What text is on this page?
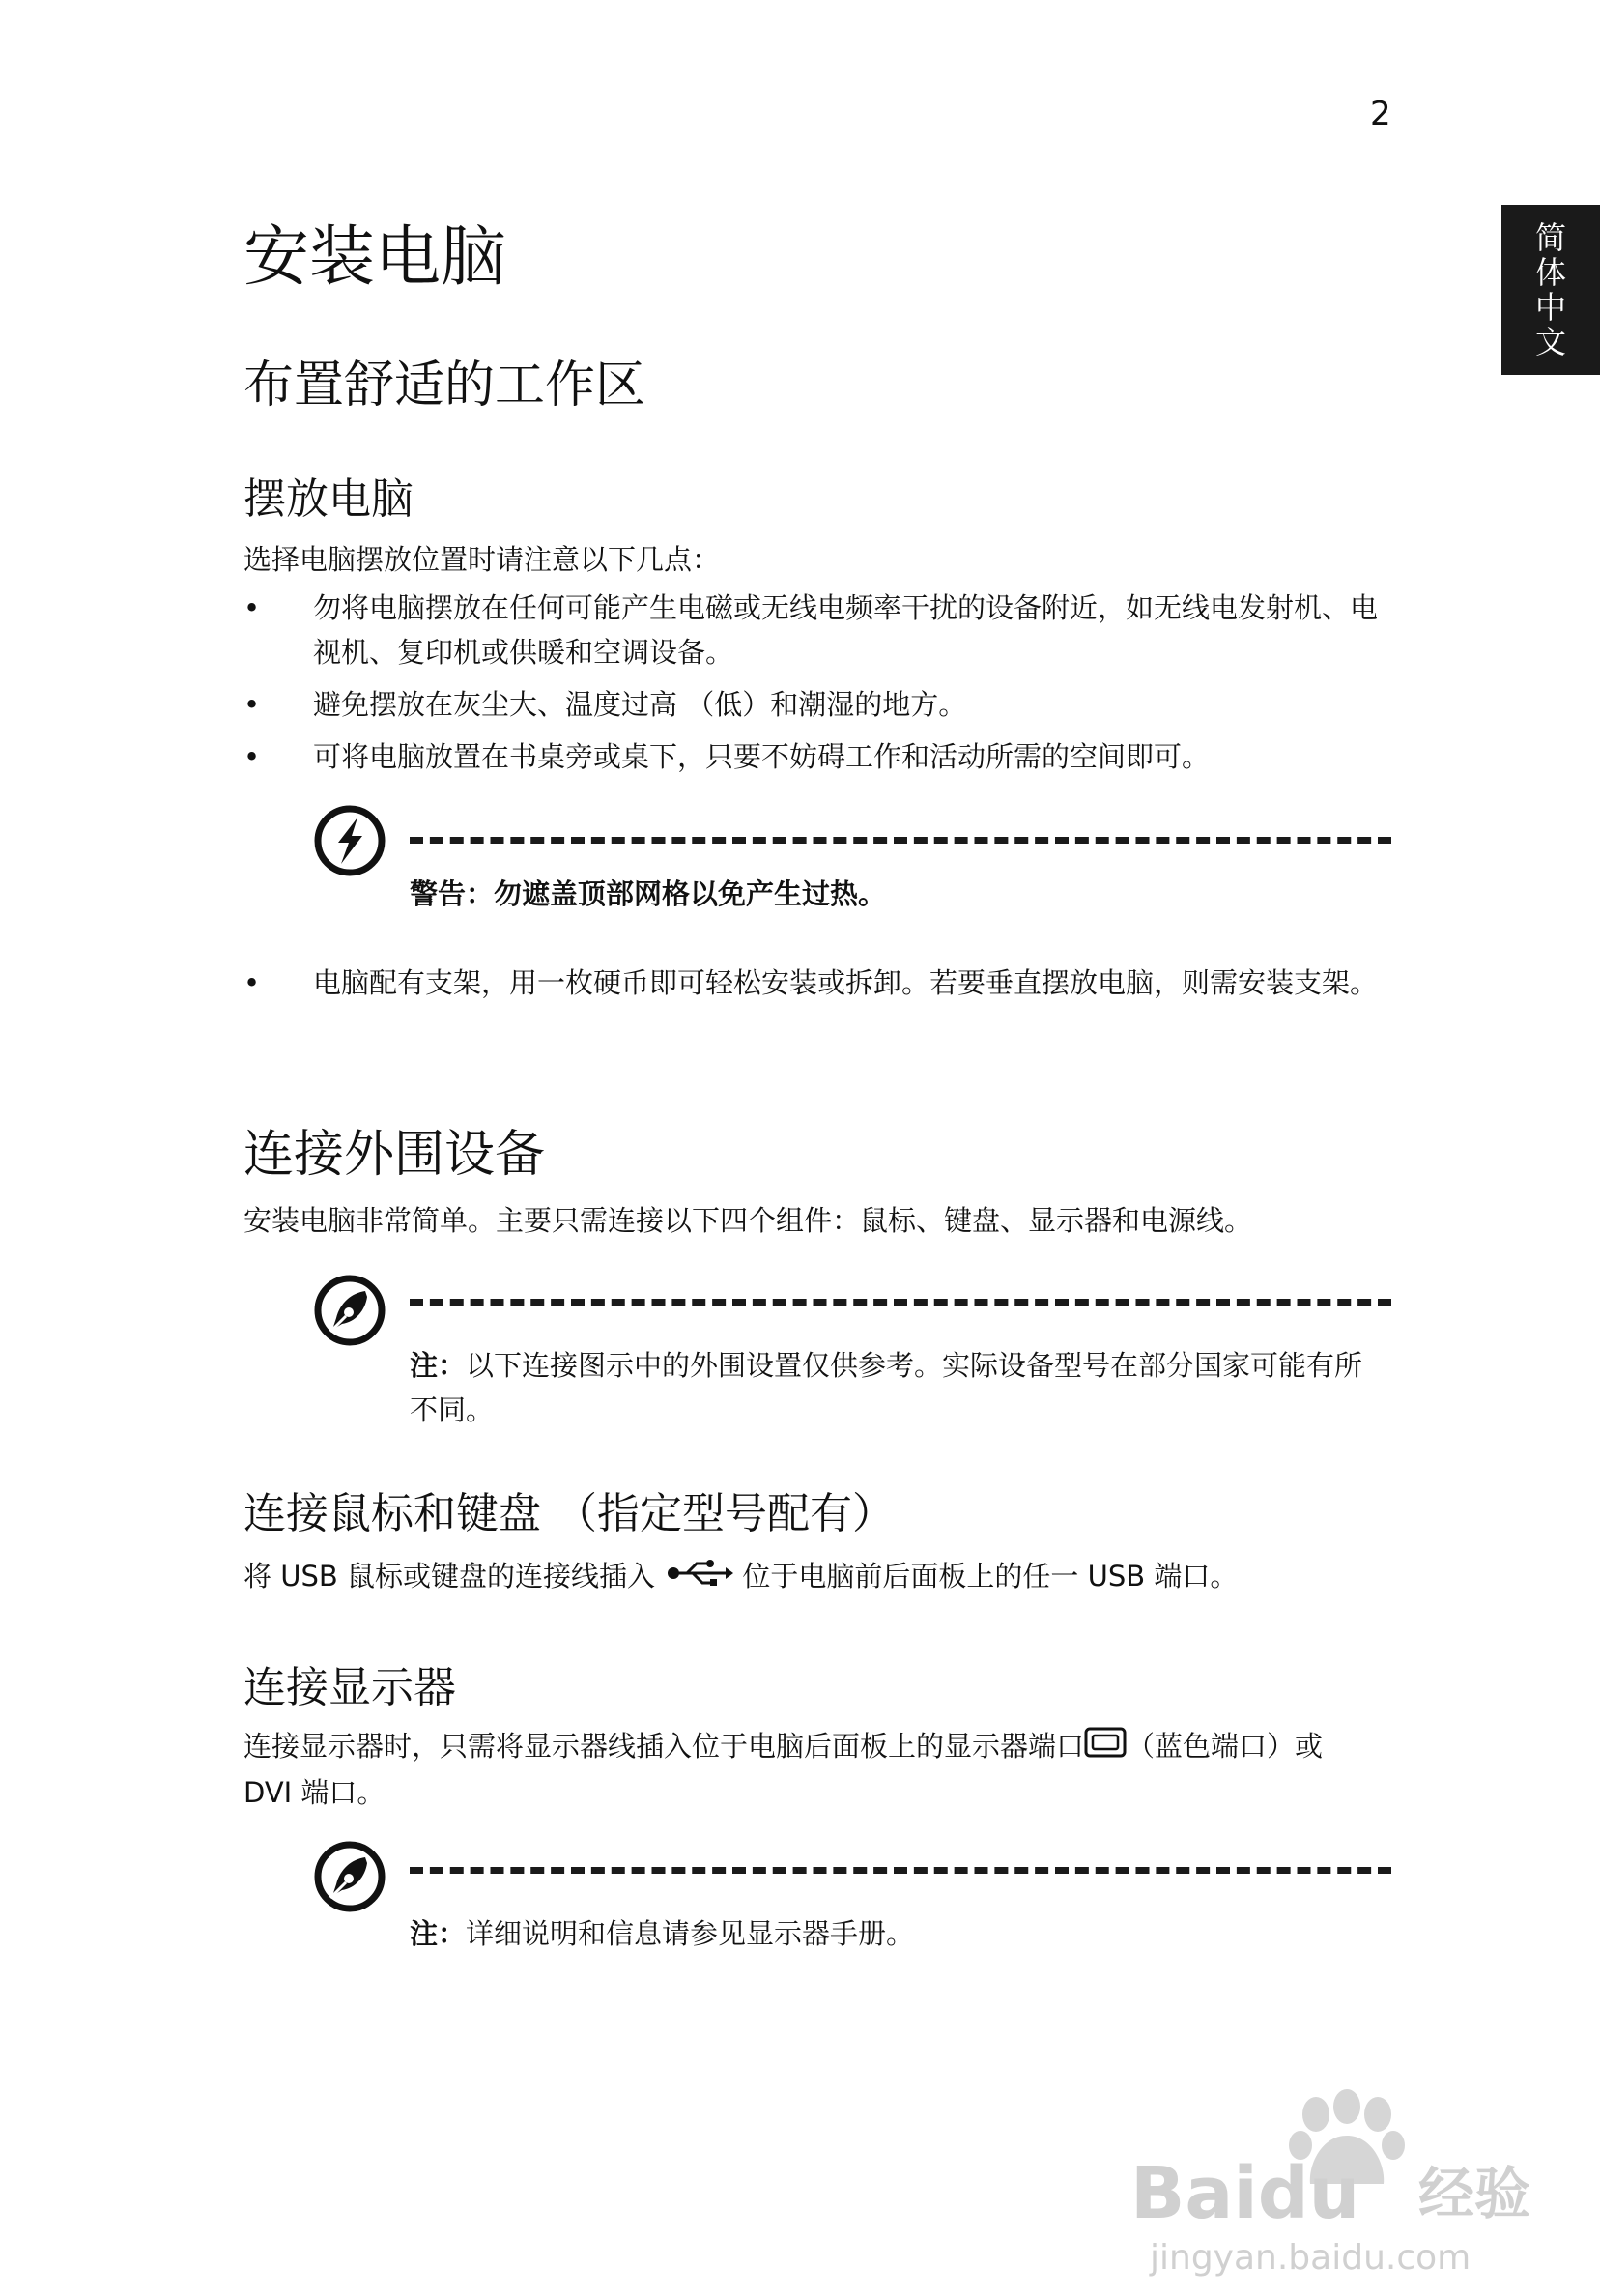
2
简
体
中
文
安装电脑
布置舒适的工作区
摆放电脑

选择电脑摆放位置时请注意以下几点：

• 勿将电脑摆放在任何可能产生电磁或无线电频率干扰的设备附近，如无线电发射机、电视机、复印机或供暖和空调设备。
• 避免摆放在灰尘大、温度过高 （低）和潮湿的地方。
• 可将电脑放置在书桌旁或桌下，只要不妨碍工作和活动所需的空间即可。
警告：勿遮盖顶部网格以免产生过热。
• 电脑配有支架，用一枚硬币即可轻松安装或拆卸。若要垂直摆放电脑，则需安装支架。
连接外围设备

安装电脑非常简单。主要只需连接以下四个组件：鼠标、键盘、显示器和电源线。

注：以下连接图示中的外围设置仅供参考。实际设备型号在部分国家可能有所不同。
连接鼠标和键盘 （指定型号配有）

将 USB 鼠标或键盘的连接线插入	位于电脑前后面板上的任一 USB 端口。

连接显示器

连接显示器时，只需将显示器线插入位于电脑后面板上的显示器端口 （蓝色端口）或 DVI 端口。

注：详细说明和信息请参见显示器手册。
Baidu 经验
jingyan.baidu.com
